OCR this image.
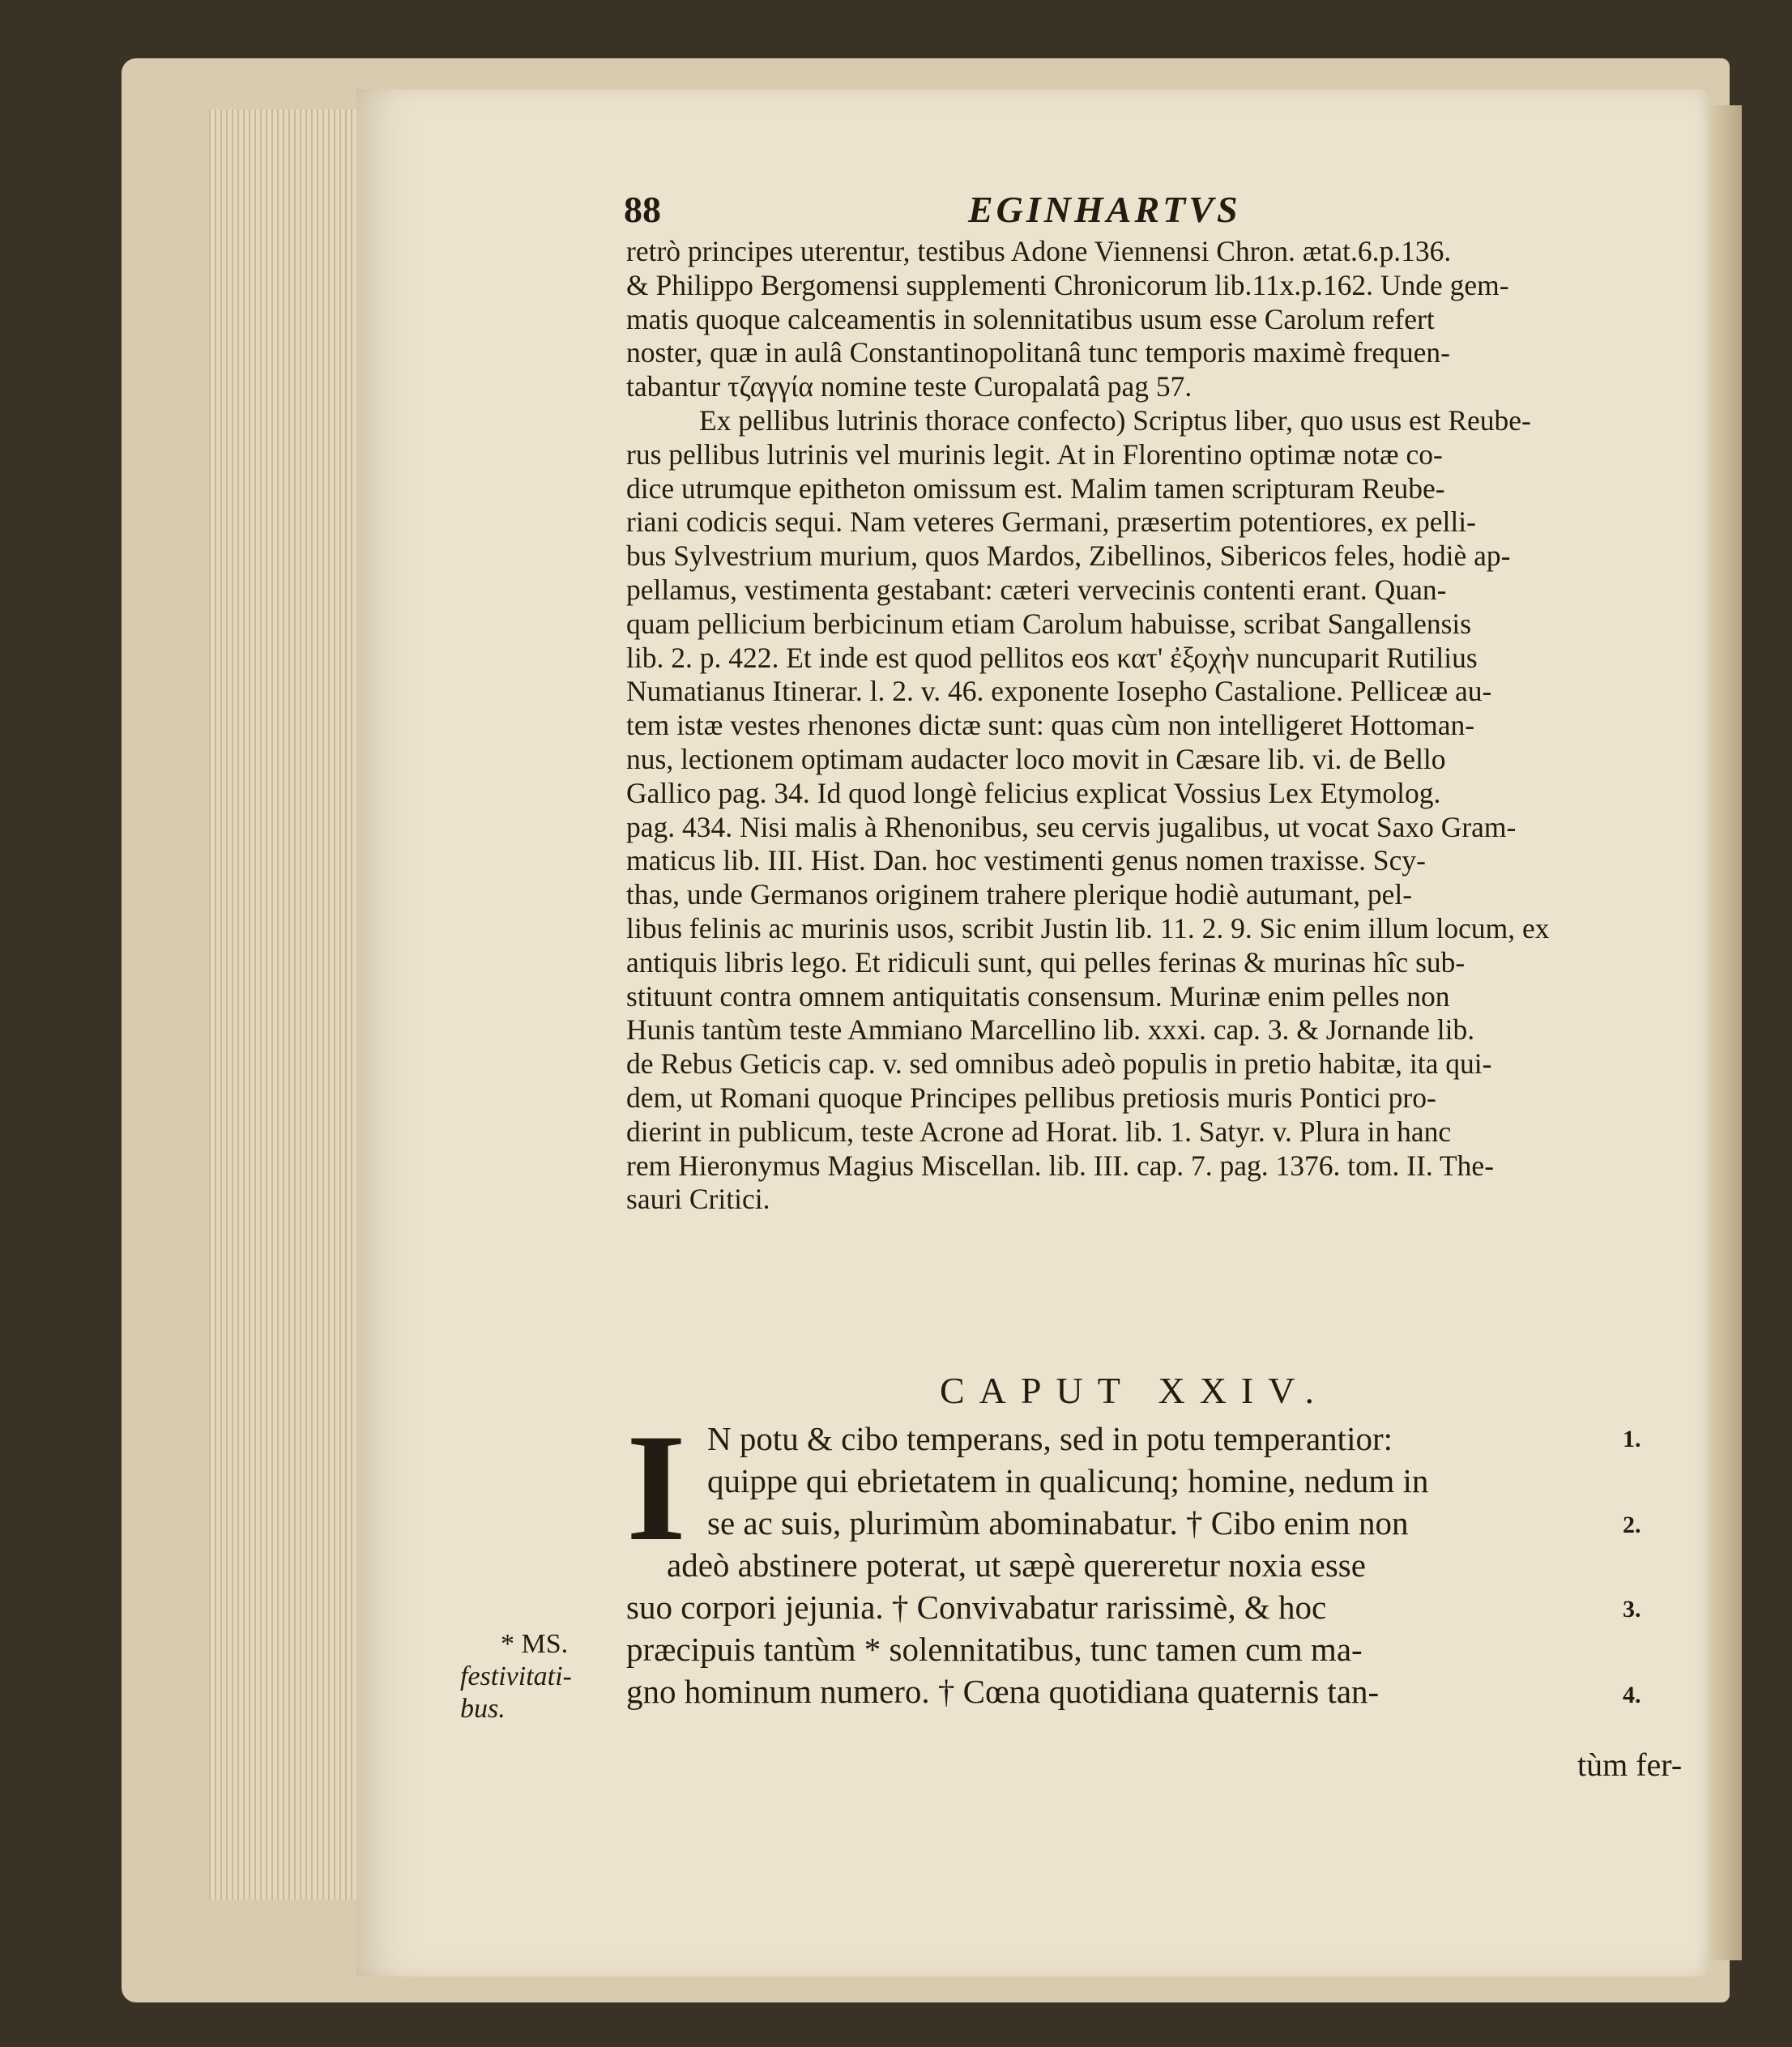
88	EGINHARTVS
retrò principes uterentur, testibus Adone Viennensi Chron. ætat.6.p.136.
& Philippo Bergomensi supplementi Chronicorum lib.11x.p.162. Unde gem-
matis quoque calceamentis in solennitatibus usum esse Carolum refert
noster, quæ in aulâ Constantinopolitanâ tunc temporis maximè frequen-
tabantur τζαγγία nomine teste Curopalatâ pag 57.
Ex pellibus lutrinis thorace confecto) Scriptus liber, quo usus est Reube-
rus pellibus lutrinis vel murinis legit. At in Florentino optimæ notæ co-
dice utrumque epitheton omissum est. Malim tamen scripturam Reube-
riani codicis sequi. Nam veteres Germani, præsertim potentiores, ex pelli-
bus Sylvestrium murium, quos Mardos, Zibellinos, Sibericos feles, hodiè ap-
pellamus, vestimenta gestabant: cæteri vervecinis contenti erant. Quan-
quam pellicium berbicinum etiam Carolum habuisse, scribat Sangallensis
lib. 2. p. 422. Et inde est quod pellitos eos κατ' ἐξοχὴν nuncuparit Rutilius
Numatianus Itinerar. l. 2. v. 46. exponente Iosepho Castalione. Pelliceæ au-
tem istæ vestes rhenones dictæ sunt: quas cùm non intelligeret Hottoman-
nus, lectionem optimam audacter loco movit in Cæsare lib. vi. de Bello
Gallico pag. 34. Id quod longè felicius explicat Vossius Lex Etymolog.
pag. 434. Nisi malis à Rhenonibus, seu cervis jugalibus, ut vocat Saxo Gram-
maticus lib. III. Hist. Dan. hoc vestimenti genus nomen traxisse. Scy-
thas, unde Germanos originem trahere plerique hodiè autumant, pel-
libus felinis ac murinis usos, scribit Justin lib. 11. 2. 9. Sic enim illum locum, ex
antiquis libris lego. Et ridiculi sunt, qui pelles ferinas & murinas hîc sub-
stituunt contra omnem antiquitatis consensum. Murinæ enim pelles non
Hunis tantùm teste Ammiano Marcellino lib. xxxi. cap. 3. & Jornande lib.
de Rebus Geticis cap. v. sed omnibus adeò populis in pretio habitæ, ita qui-
dem, ut Romani quoque Principes pellibus pretiosis muris Pontici pro-
dierint in publicum, teste Acrone ad Horat. lib. 1. Satyr. v. Plura in hanc
rem Hieronymus Magius Miscellan. lib. III. cap. 7. pag. 1376. tom. II. The-
sauri Critici.
CAPUT XXIV.
I N potu & cibo temperans, sed in potu temperantior:
quippe qui ebrietatem in qualicunq; homine, nedum in
se ac suis, plurimùm abominabatur. † Cibo enim non
adeò abstinere poterat, ut sæpè quereretur noxia esse
suo corpori jejunia. † Convivabatur rarissimè, & hoc
præcipuis tantùm * solennitatibus, tunc tamen cum ma-
gno hominum numero. † Cœna quotidiana quaternis tan-
tùm fer-
1.
2.
3.
4.
* MS.
festivitati-
bus.
